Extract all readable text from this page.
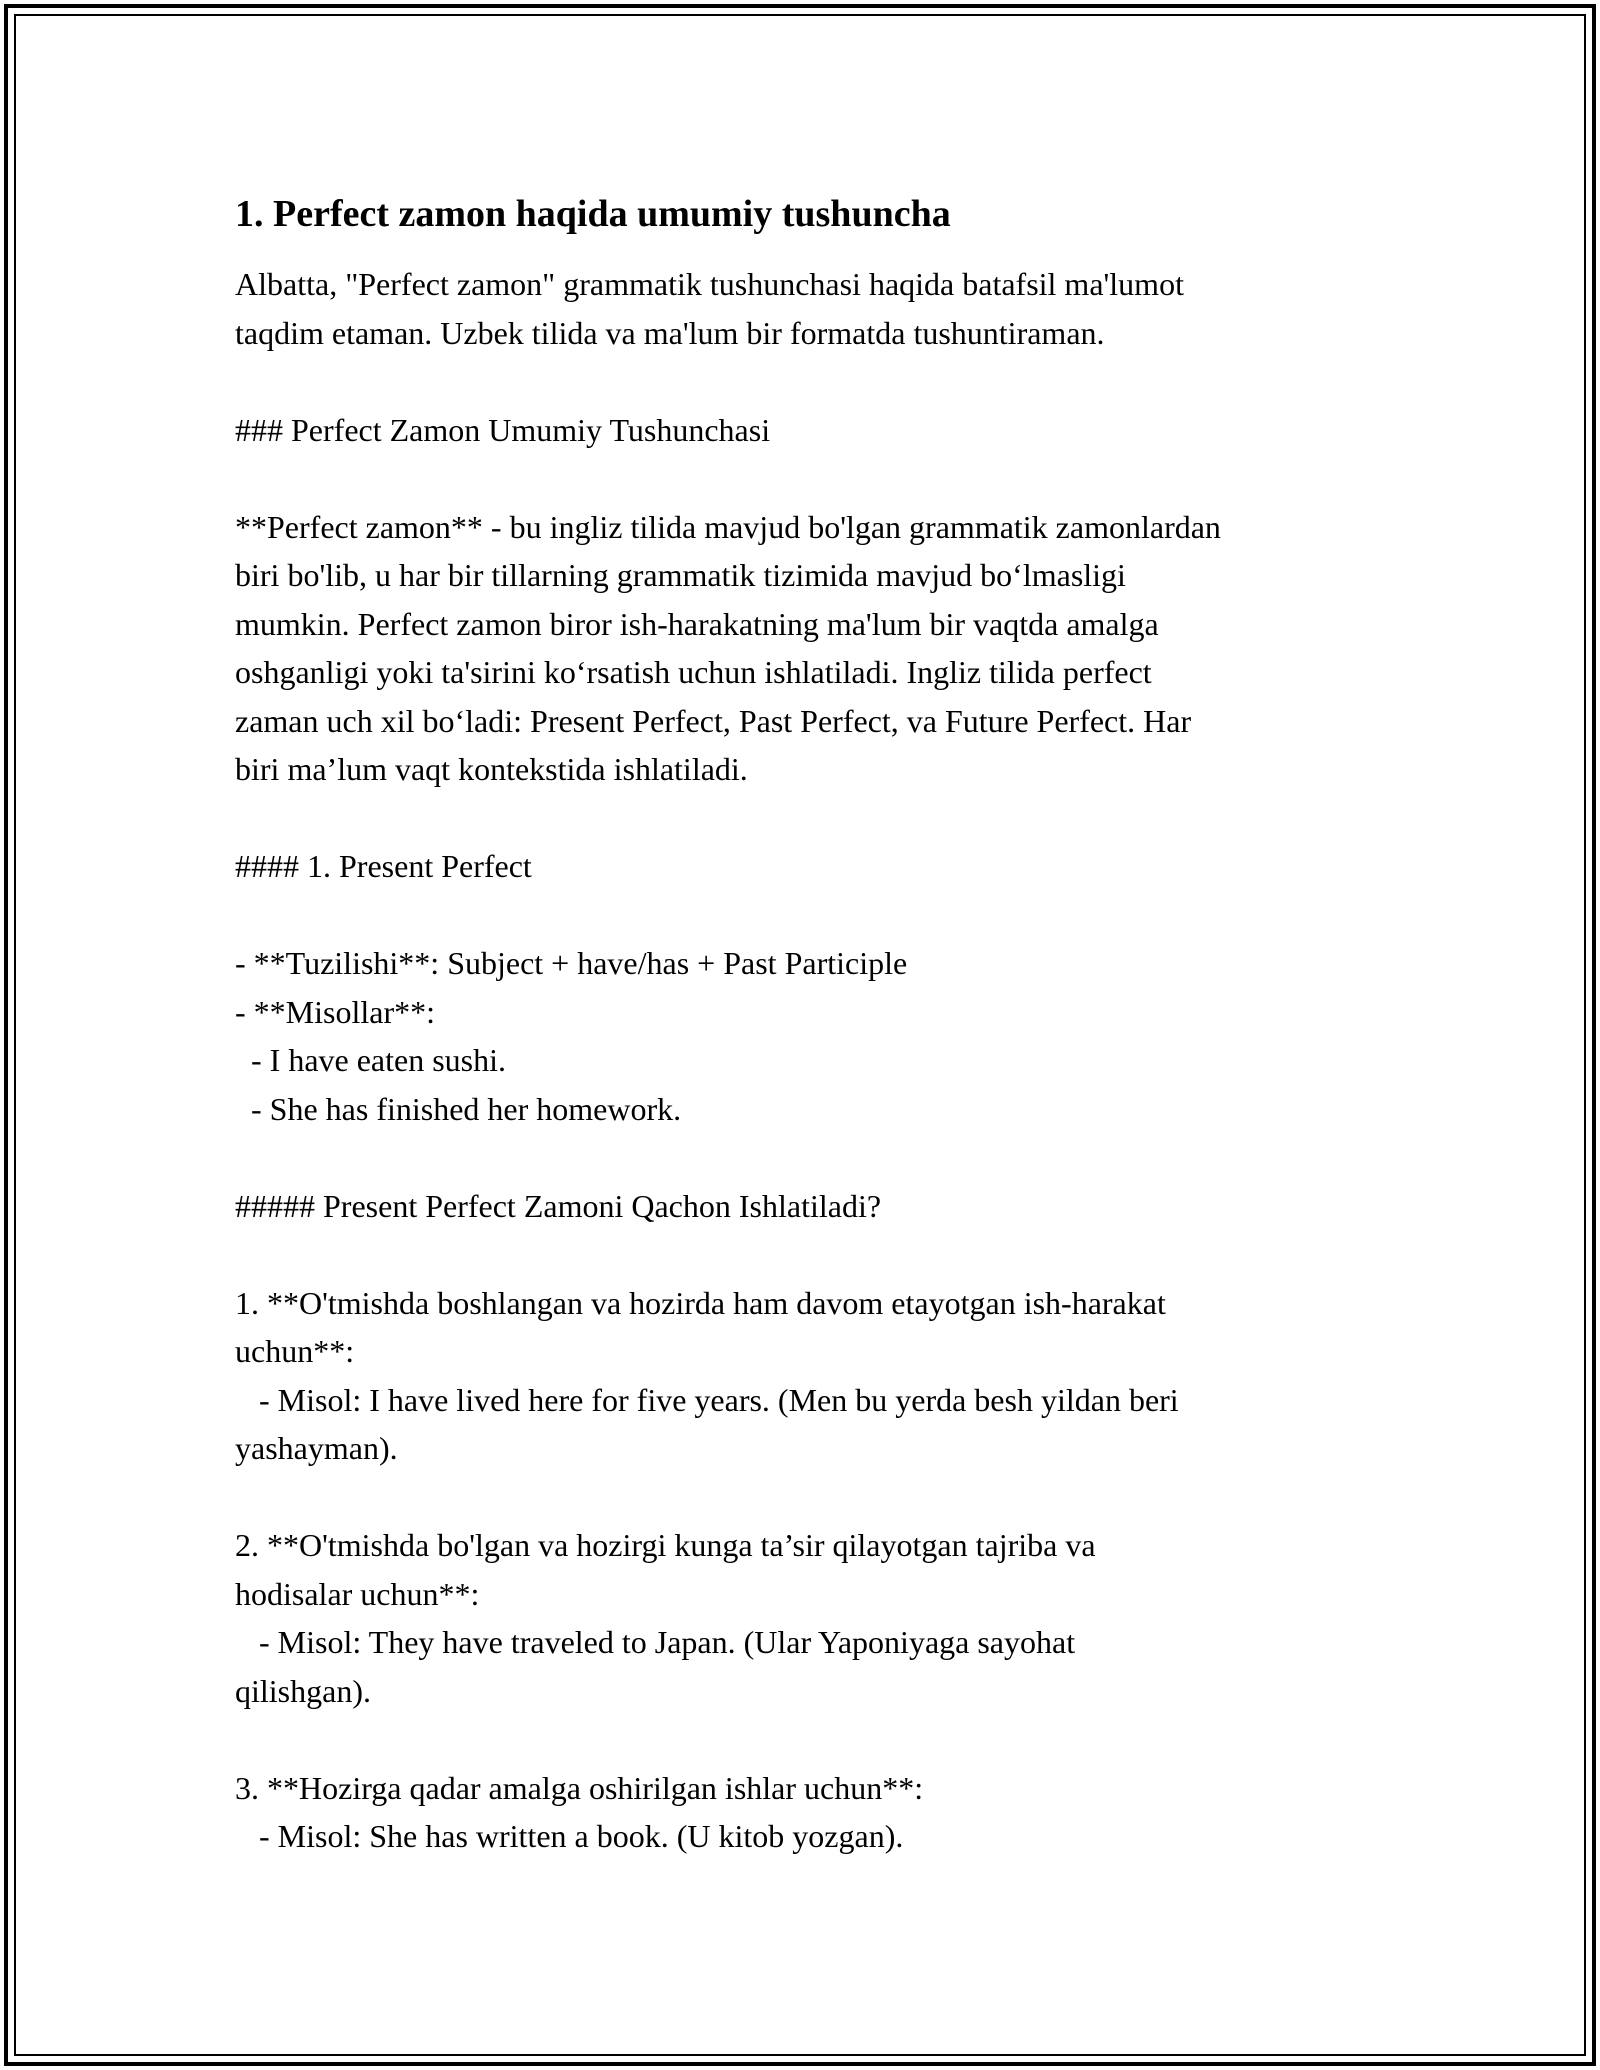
1. Perfect zamon haqida umumiy tushuncha

Albatta, "Perfect zamon" grammatik tushunchasi haqida batafsil ma'lumot

taqdim etaman. Uzbek tilida va ma'lum bir formatda tushuntiraman.

### Perfect Zamon Umumiy Tushunchasi

**Perfect zamon** - bu ingliz tilida mavjud bo'lgan grammatik zamonlardan

biri bo'lib, u har bir tillarning grammatik tizimida mavjud bo‘lmasligi

mumkin. Perfect zamon biror ish-harakatning ma'lum bir vaqtda amalga

oshganligi yoki ta'sirini ko‘rsatish uchun ishlatiladi. Ingliz tilida perfect

zaman uch xil bo‘ladi: Present Perfect, Past Perfect, va Future Perfect. Har

biri ma’lum vaqt kontekstida ishlatiladi.

#### 1. Present Perfect

- **Tuzilishi**: Subject + have/has + Past Participle

- **Misollar**:

- I have eaten sushi.

- She has finished her homework.

##### Present Perfect Zamoni Qachon Ishlatiladi?

1. **O'tmishda boshlangan va hozirda ham davom etayotgan ish-harakat

uchun**:

- Misol: I have lived here for five years. (Men bu yerda besh yildan beri

yashayman).

2. **O'tmishda bo'lgan va hozirgi kunga ta’sir qilayotgan tajriba va

hodisalar uchun**:

- Misol: They have traveled to Japan. (Ular Yaponiyaga sayohat

qilishgan).

3. **Hozirga qadar amalga oshirilgan ishlar uchun**:

- Misol: She has written a book. (U kitob yozgan).
